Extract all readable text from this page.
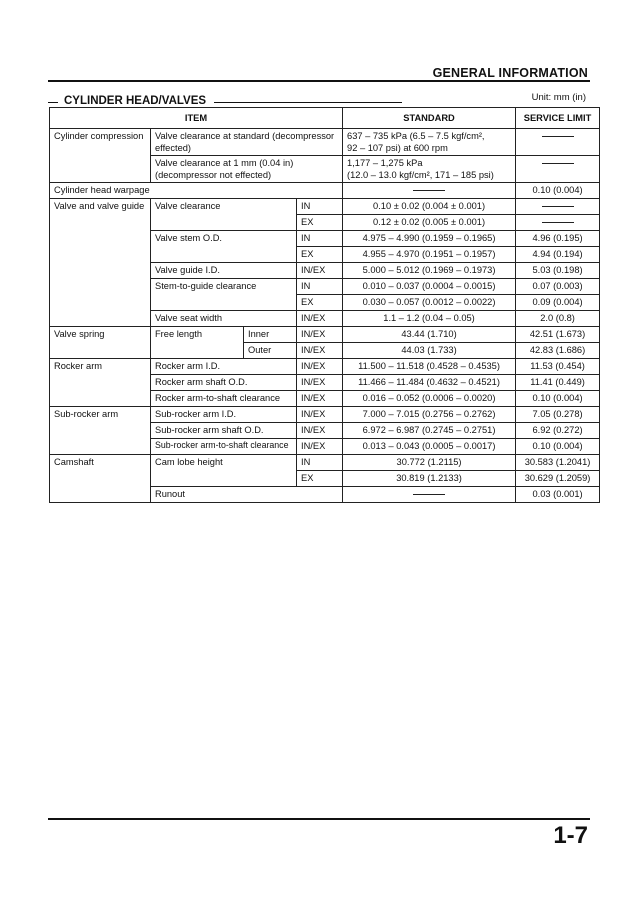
GENERAL INFORMATION
CYLINDER HEAD/VALVES	Unit: mm (in)
ITEM				STANDARD	SERVICE LIMIT
Cylinder compression	Valve clearance at standard (decompressor effected)			637 – 735 kPa (6.5 – 7.5 kgf/cm²,
92 – 107 psi) at 600 rpm	
	Valve clearance at 1 mm (0.04 in) (decompressor not effected)			1,177 – 1,275 kPa
(12.0 – 13.0 kgf/cm², 171 – 185 psi)	
Cylinder head warpage					0.10 (0.004)
Valve and valve guide	Valve clearance		IN	0.10 ± 0.02 (0.004 ± 0.001)	
			EX	0.12 ± 0.02 (0.005 ± 0.001)	
	Valve stem O.D.		IN	4.975 – 4.990 (0.1959 – 0.1965)	4.96 (0.195)
			EX	4.955 – 4.970 (0.1951 – 0.1957)	4.94 (0.194)
	Valve guide I.D.		IN/EX	5.000 – 5.012 (0.1969 – 0.1973)	5.03 (0.198)
	Stem-to-guide clearance		IN	0.010 – 0.037 (0.0004 – 0.0015)	0.07 (0.003)
			EX	0.030 – 0.057 (0.0012 – 0.0022)	0.09 (0.004)
	Valve seat width		IN/EX	1.1 – 1.2 (0.04 – 0.05)	2.0 (0.8)
Valve spring	Free length	Inner	IN/EX	43.44 (1.710)	42.51 (1.673)
		Outer	IN/EX	44.03 (1.733)	42.83 (1.686)
Rocker arm	Rocker arm I.D.		IN/EX	11.500 – 11.518 (0.4528 – 0.4535)	11.53 (0.454)
	Rocker arm shaft O.D.		IN/EX	11.466 – 11.484 (0.4632 – 0.4521)	11.41 (0.449)
	Rocker arm-to-shaft clearance		IN/EX	0.016 – 0.052 (0.0006 – 0.0020)	0.10 (0.004)
Sub-rocker arm	Sub-rocker arm I.D.		IN/EX	7.000 – 7.015 (0.2756 – 0.2762)	7.05 (0.278)
	Sub-rocker arm shaft O.D.		IN/EX	6.972 – 6.987 (0.2745 – 0.2751)	6.92 (0.272)
	Sub-rocker arm-to-shaft clearance		IN/EX	0.013 – 0.043 (0.0005 – 0.0017)	0.10 (0.004)
Camshaft	Cam lobe height		IN	30.772 (1.2115)	30.583 (1.2041)
			EX	30.819 (1.2133)	30.629 (1.2059)
	Runout				0.03 (0.001)
1-7
